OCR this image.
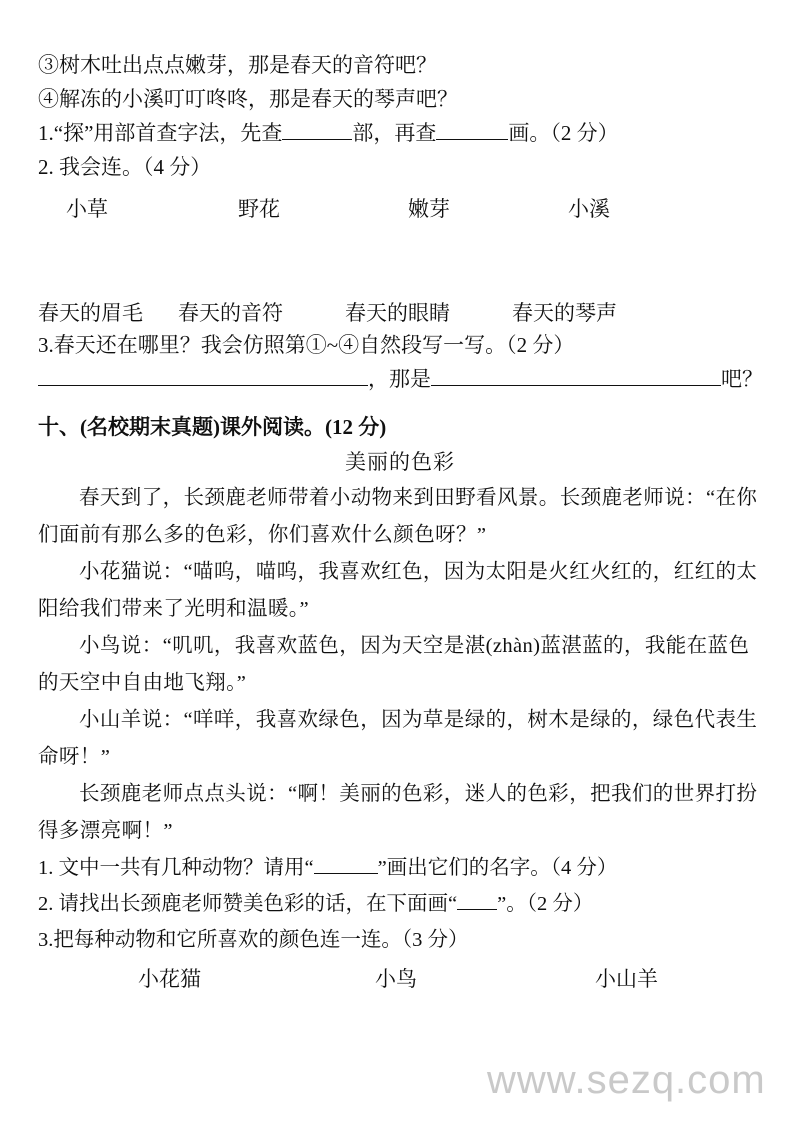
③树木吐出点点嫩芽，那是春天的音符吧？
④解冻的小溪叮叮咚咚，那是春天的琴声吧？
1.“探”用部首查字法，先查	部，再查	画。（2 分）
2. 我会连。（4 分）
小草	野花	嫩芽	小溪
春天的眉毛	春天的音符	春天的眼睛	春天的琴声
3.春天还在哪里？我会仿照第①~④自然段写一写。（2 分）
，那是	吧？
十、(名校期末真题)课外阅读。(12 分)
美丽的色彩

春天到了，长颈鹿老师带着小动物来到田野看风景。长颈鹿老师说：“在你们面前有那么多的色彩，你们喜欢什么颜色呀？”

小花猫说：“喵呜，喵呜，我喜欢红色，因为太阳是火红火红的，红红的太阳给我们带来了光明和温暖。”

小鸟说：“叽叽，我喜欢蓝色，因为天空是湛(zhàn)蓝湛蓝的，我能在蓝色的天空中自由地飞翔。”

小山羊说：“咩咩，我喜欢绿色，因为草是绿的，树木是绿的，绿色代表生命呀！”

长颈鹿老师点点头说：“啊！美丽的色彩，迷人的色彩，把我们的世界打扮得多漂亮啊！”

1. 文中一共有几种动物？请用“	”画出它们的名字。（4 分）
2. 请找出长颈鹿老师赞美色彩的话，在下面画“ ”。（2 分）
3.把每种动物和它所喜欢的颜色连一连。（3 分）
小花猫	小鸟	小山羊
www.sezq.com
